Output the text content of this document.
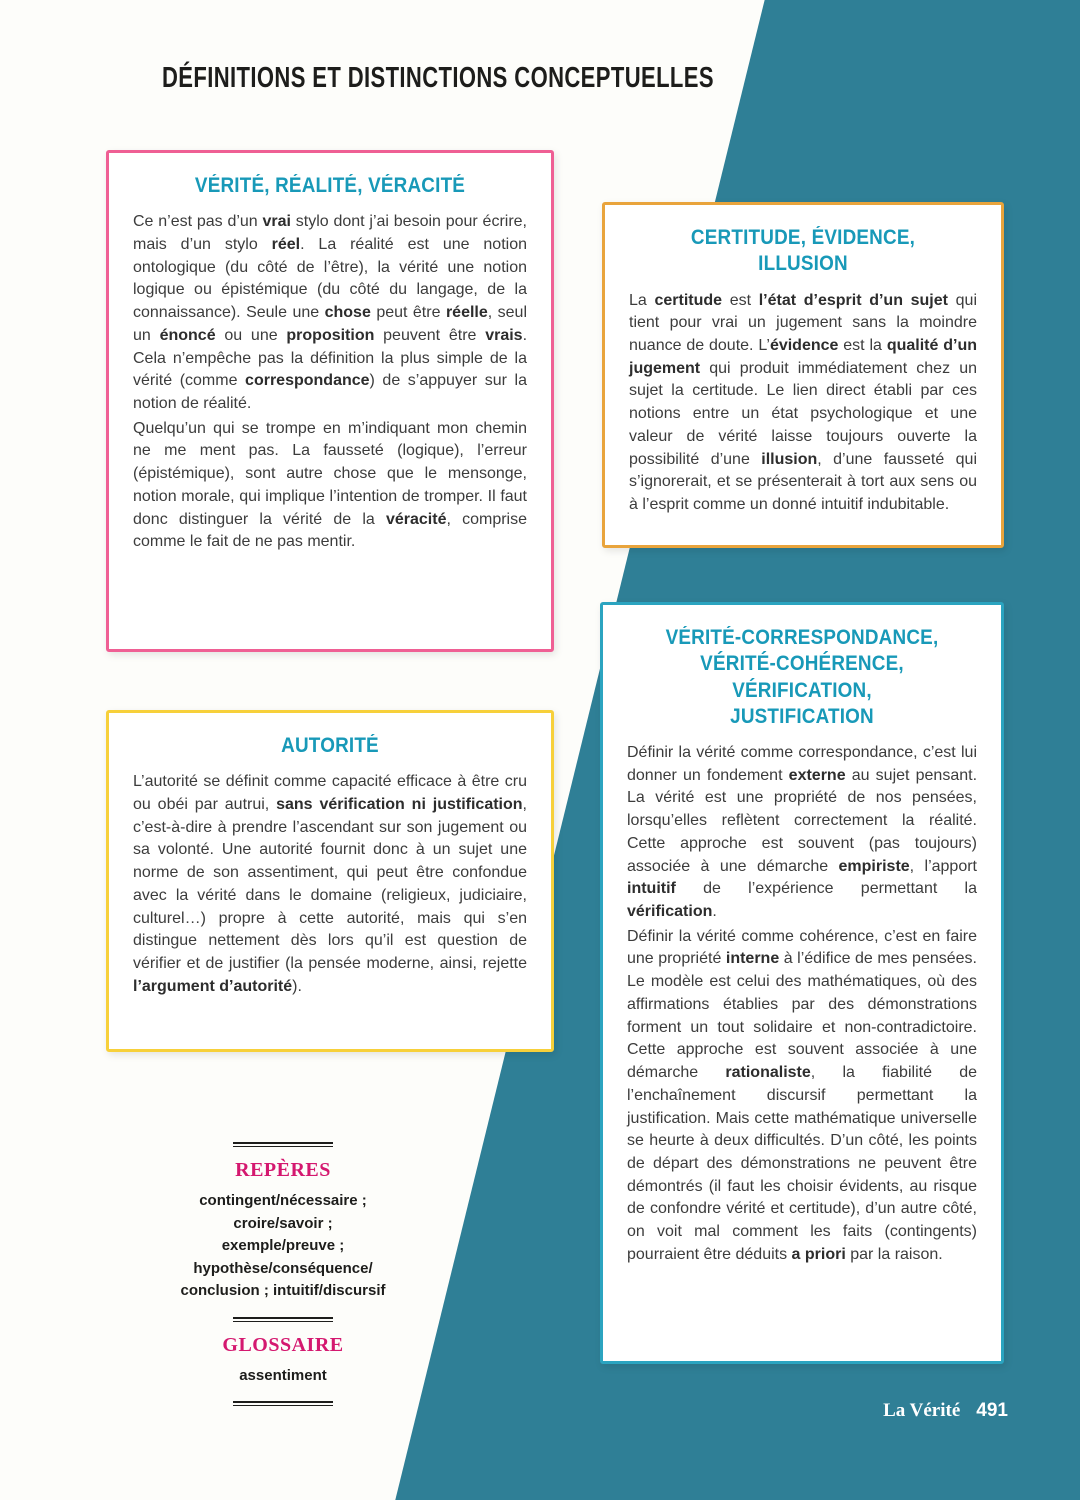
DÉFINITIONS ET DISTINCTIONS CONCEPTUELLES
VÉRITÉ, RÉALITÉ, VÉRACITÉ

Ce n’est pas d’un vrai stylo dont j’ai besoin pour écrire, mais d’un stylo réel. La réalité est une notion ontologique (du côté de l’être), la vérité une notion logique ou épistémique (du côté du langage, de la connaissance). Seule une chose peut être réelle, seul un énoncé ou une proposition peuvent être vrais. Cela n’empêche pas la définition la plus simple de la vérité (comme correspondance) de s’appuyer sur la notion de réalité.

Quelqu’un qui se trompe en m’indiquant mon chemin ne me ment pas. La fausseté (logique), l’erreur (épistémique), sont autre chose que le mensonge, notion morale, qui implique l’intention de tromper. Il faut donc distinguer la vérité de la véracité, comprise comme le fait de ne pas mentir.

CERTITUDE, ÉVIDENCE, ILLUSION

La certitude est l’état d’esprit d’un sujet qui tient pour vrai un jugement sans la moindre nuance de doute. L’évidence est la qualité d’un jugement qui produit immédiatement chez un sujet la certitude. Le lien direct établi par ces notions entre un état psychologique et une valeur de vérité laisse toujours ouverte la possibilité d’une illusion, d’une fausseté qui s’ignorerait, et se présenterait à tort aux sens ou à l’esprit comme un donné intuitif indubitable.

AUTORITÉ

L’autorité se définit comme capacité efficace à être cru ou obéi par autrui, sans vérification ni justification, c’est-à-dire à prendre l’ascendant sur son jugement ou sa volonté. Une autorité fournit donc à un sujet une norme de son assentiment, qui peut être confondue avec la vérité dans le domaine (religieux, judiciaire, culturel…) propre à cette autorité, mais qui s’en distingue nettement dès lors qu’il est question de vérifier et de justifier (la pensée moderne, ainsi, rejette l’argument d’autorité).

VÉRITÉ-CORRESPONDANCE,
VÉRITÉ-COHÉRENCE, VÉRIFICATION,
JUSTIFICATION

Définir la vérité comme correspondance, c’est lui donner un fondement externe au sujet pensant. La vérité est une propriété de nos pensées, lorsqu’elles reflètent correctement la réalité. Cette approche est souvent (pas toujours) associée à une démarche empiriste, l’apport intuitif de l’expérience permettant la vérification.

Définir la vérité comme cohérence, c’est en faire une propriété interne à l’édifice de mes pensées. Le modèle est celui des mathématiques, où des affirmations établies par des démonstrations forment un tout solidaire et non-contradictoire. Cette approche est souvent associée à une démarche rationaliste, la fiabilité de l’enchaînement discursif permettant la justification. Mais cette mathématique universelle se heurte à deux difficultés. D’un côté, les points de départ des démonstrations ne peuvent être démontrés (il faut les choisir évidents, au risque de confondre vérité et certitude), d’un autre côté, on voit mal comment les faits (contingents) pourraient être déduits a priori par la raison.

REPÈRES
contingent/nécessaire ;
croire/savoir ;
exemple/preuve ;
hypothèse/conséquence/
conclusion ; intuitif/discursif
GLOSSAIRE
assentiment
La Vérité 491
